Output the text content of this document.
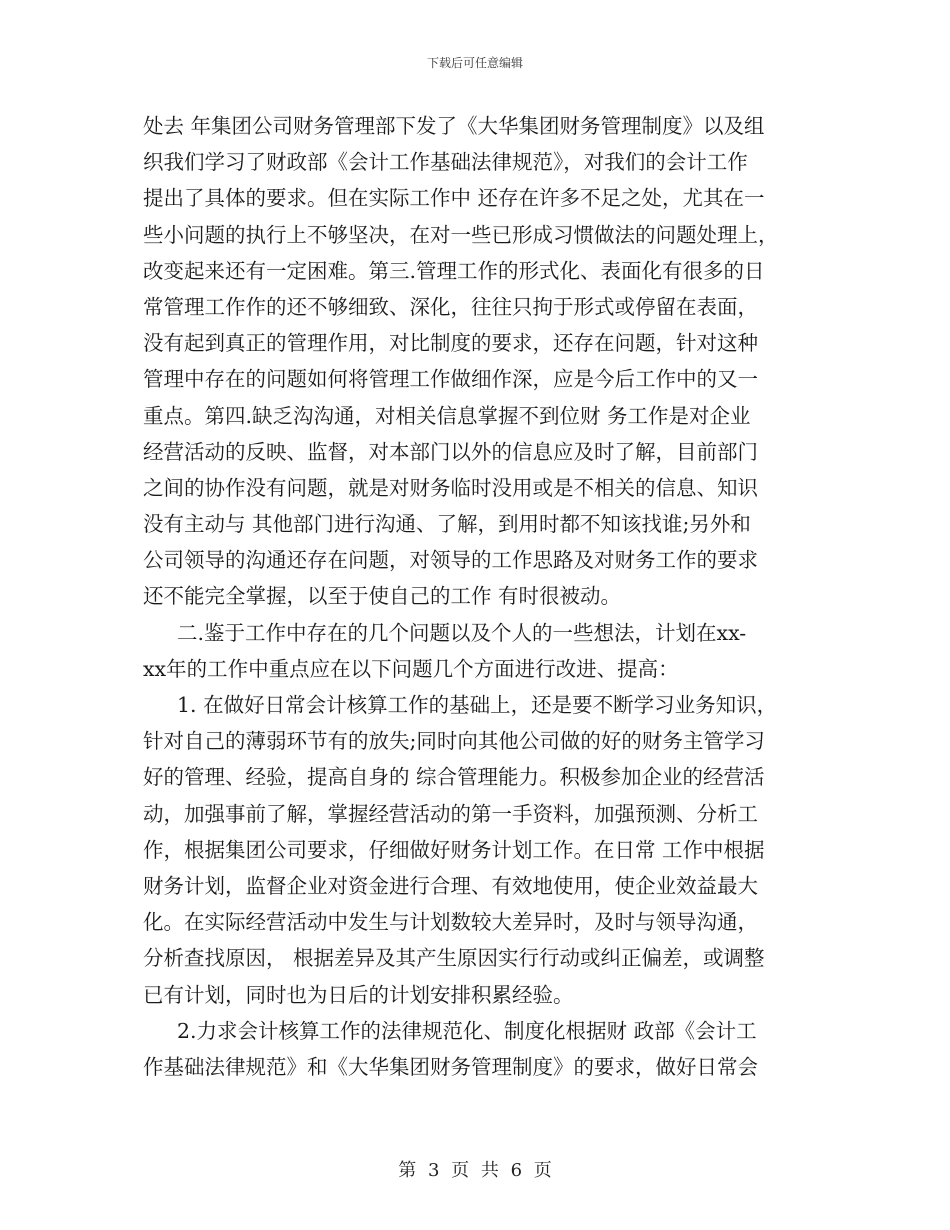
下载后可任意编辑
处去 年集团公司财务管理部下发了《大华集团财务管理制度》以及组
织我们学习了财政部《会计工作基础法律规范》，对我们的会计工作
提出了具体的要求。但在实际工作中 还存在许多不足之处，尤其在一
些小问题的执行上不够坚决，在对一些已形成习惯做法的问题处理上，
改变起来还有一定困难。第三.管理工作的形式化、表面化有很多的日
常管理工作作的还不够细致、深化，往往只拘于形式或停留在表面，
没有起到真正的管理作用，对比制度的要求，还存在问题，针对这种
管理中存在的问题如何将管理工作做细作深，应是今后工作中的又一
重点。第四.缺乏沟沟通，对相关信息掌握不到位财 务工作是对企业
经营活动的反映、监督，对本部门以外的信息应及时了解，目前部门
之间的协作没有问题，就是对财务临时没用或是不相关的信息、知识
没有主动与 其他部门进行沟通、了解，到用时都不知该找谁;另外和
公司领导的沟通还存在问题，对领导的工作思路及对财务工作的要求
还不能完全掌握，以至于使自己的工作 有时很被动。
二.鉴于工作中存在的几个问题以及个人的一些想法，计划在xx-
xx年的工作中重点应在以下问题几个方面进行改进、提高：
1. 在做好日常会计核算工作的基础上，还是要不断学习业务知识，
针对自己的薄弱环节有的放失;同时向其他公司做的好的财务主管学习
好的管理、经验，提高自身的 综合管理能力。积极参加企业的经营活
动，加强事前了解，掌握经营活动的第一手资料，加强预测、分析工
作，根据集团公司要求，仔细做好财务计划工作。在日常 工作中根据
财务计划，监督企业对资金进行合理、有效地使用，使企业效益最大
化。在实际经营活动中发生与计划数较大差异时，及时与领导沟通，
分析查找原因， 根据差异及其产生原因实行行动或纠正偏差，或调整
已有计划，同时也为日后的计划安排积累经验。
2.力求会计核算工作的法律规范化、制度化根据财 政部《会计工
作基础法律规范》和《大华集团财务管理制度》的要求，做好日常会
第 3 页 共 6 页
